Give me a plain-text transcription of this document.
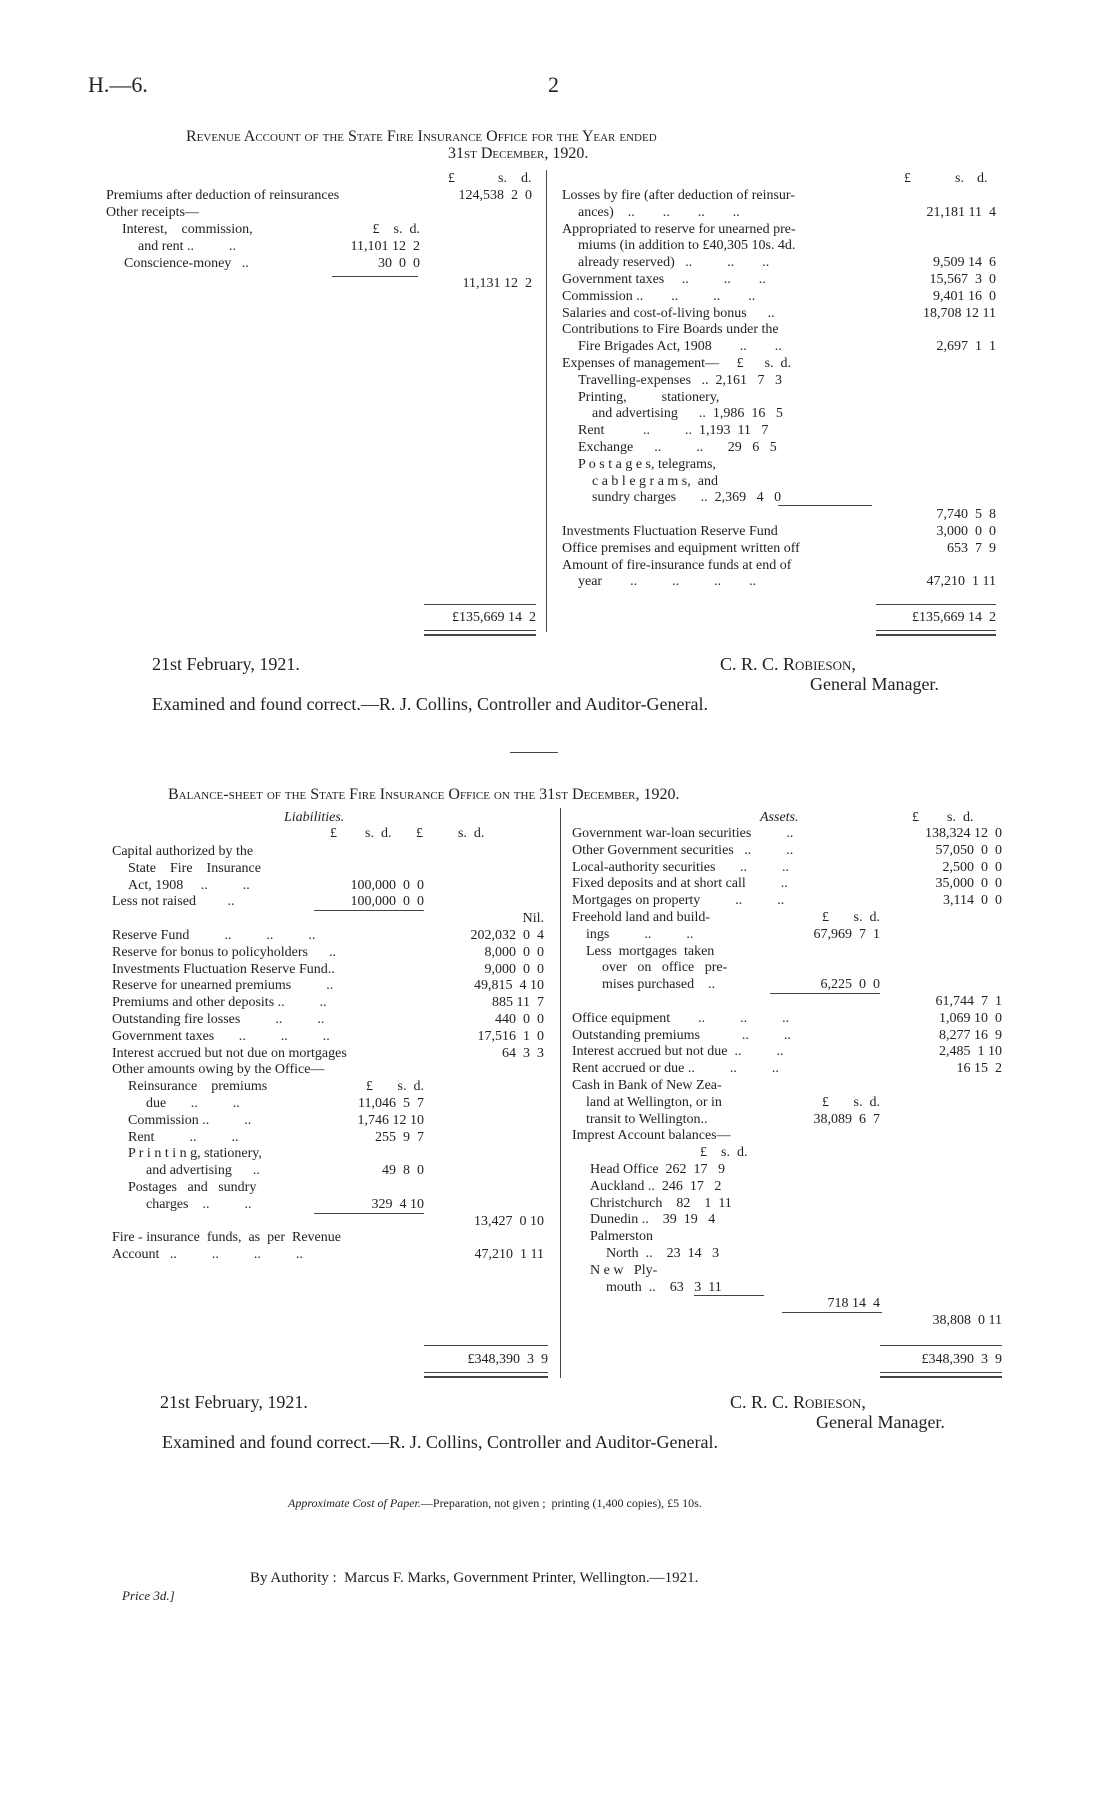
H.—6.	2
Revenue Account of the State Fire Insurance Office for the Year ended
31st December, 1920.
£	s. d.	£	s. d.
Premiums after deduction of reinsurances	124,538  2  0
Other receipts—
Interest,    commission,	£    s.  d.
and rent ..          ..	11,101 12  2
Conscience-money   ..	30  0  0
11,131 12  2
Losses by fire (after deduction of reinsur-
ances)    ..        ..        ..        ..	21,181 11  4
Appropriated to reserve for unearned pre-
miums (in addition to £40,305 10s. 4d.
already reserved)   ..          ..        ..	9,509 14  6
Government taxes     ..          ..        ..	15,567  3  0
Commission ..        ..          ..        ..	9,401 16  0
Salaries and cost-of-living bonus      ..	18,708 12 11
Contributions to Fire Boards under the
Fire Brigades Act, 1908        ..        ..	2,697  1  1
Expenses of management—     £      s.  d.
Travelling-expenses   ..  2,161   7   3
Printing,          stationery,
and advertising      ..  1,986  16   5
Rent           ..          ..  1,193  11   7
Exchange      ..          ..       29   6   5
P o s t a g e s, telegrams,
c a b l e g r a m s,  and
sundry charges       ..  2,369   4   0
7,740  5  8
Investments Fluctuation Reserve Fund	3,000  0  0
Office premises and equipment written off	653  7  9
Amount of fire-insurance funds at end of
year        ..          ..          ..        ..	47,210  1 11
£135,669 14  2	£135,669 14  2
21st February, 1921.	C. R. C. Robieson,
General Manager.
Examined and found correct.—R. J. Collins, Controller and Auditor-General.
Balance-sheet of the State Fire Insurance Office on the 31st December, 1920.
Liabilities.	Assets.
£        s.  d.       £          s.  d.
£        s.  d.
Capital authorized by the
State    Fire    Insurance
Act, 1908     ..          ..	100,000  0  0
Less not raised         ..	100,000  0  0
Nil.
Reserve Fund          ..          ..          ..	202,032  0  4
Reserve for bonus to policyholders      ..	8,000  0  0
Investments Fluctuation Reserve Fund..	9,000  0  0
Reserve for unearned premiums          ..	49,815  4 10
Premiums and other deposits ..          ..	885 11  7
Outstanding fire losses          ..          ..	440  0  0
Government taxes       ..          ..          ..	17,516  1  0
Interest accrued but not due on mortgages	64  3  3
Other amounts owing by the Office—
Reinsurance    premiums	£       s.  d.
due       ..          ..	11,046  5  7
Commission ..          ..	1,746 12 10
Rent          ..          ..	255  9  7
P r i n t i n g, stationery,
and advertising      ..	49  8  0
Postages   and   sundry
charges    ..          ..	329  4 10
13,427  0 10
Fire - insurance  funds,  as  per  Revenue
Account   ..          ..          ..          ..	47,210  1 11
Government war-loan securities          ..	138,324 12  0
Other Government securities   ..          ..	57,050  0  0
Local-authority securities       ..          ..	2,500  0  0
Fixed deposits and at short call          ..	35,000  0  0
Mortgages on property          ..          ..	3,114  0  0
Freehold land and build-	£       s.  d.
ings          ..          ..	67,969  7  1
Less  mortgages  taken
over   on   office   pre-
mises purchased    ..	6,225  0  0
61,744  7  1
Office equipment        ..          ..          ..	1,069 10  0
Outstanding premiums            ..          ..	8,277 16  9
Interest accrued but not due  ..          ..	2,485  1 10
Rent accrued or due ..          ..          ..	16 15  2
Cash in Bank of New Zea-
land at Wellington, or in	£       s.  d.
transit to Wellington..	38,089  6  7
Imprest Account balances—
£    s.  d.
Head Office  262  17   9
Auckland ..  246  17   2
Christchurch    82    1  11
Dunedin ..    39  19   4
Palmerston
North  ..    23  14   3
N e w   Ply-
mouth  ..    63   3  11
718 14  4
38,808  0 11
£348,390  3  9	£348,390  3  9
21st February, 1921.	C. R. C. Robieson,
General Manager.
Examined and found correct.—R. J. Collins, Controller and Auditor-General.
Approximate Cost of Paper.—Preparation, not given ;  printing (1,400 copies), £5 10s.
By Authority :  Marcus F. Marks, Government Printer, Wellington.—1921.
Price 3d.]
